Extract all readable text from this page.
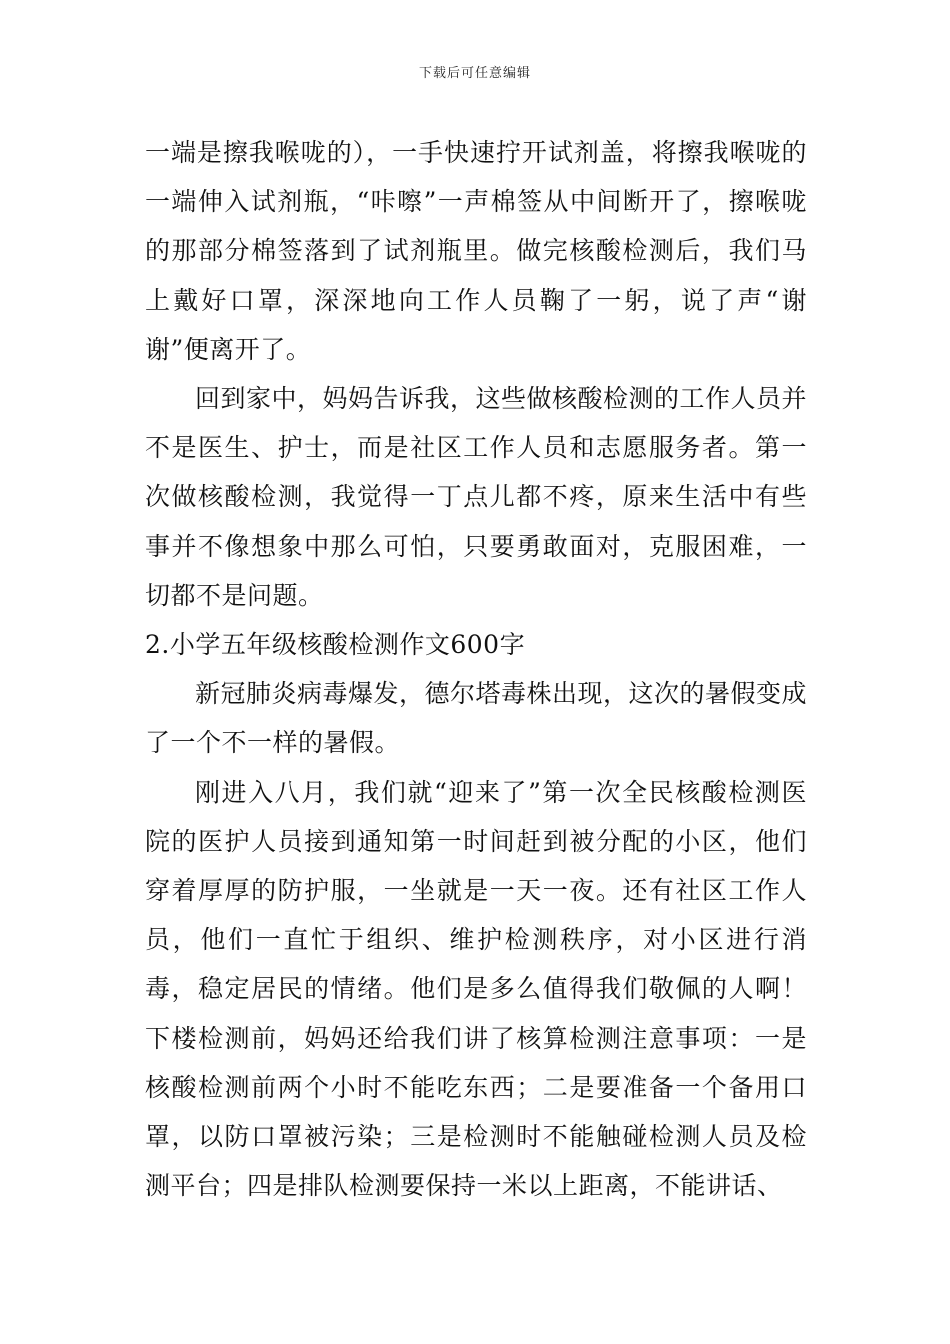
下载后可任意编辑

一端是擦我喉咙的），一手快速拧开试剂盖，将擦我喉咙的一端伸入试剂瓶，“咔嚓”一声棉签从中间断开了，擦喉咙的那部分棉签落到了试剂瓶里。做完核酸检测后，我们马上戴好口罩，深深地向工作人员鞠了一躬，说了声“谢谢”便离开了。

回到家中，妈妈告诉我，这些做核酸检测的工作人员并不是医生、护士，而是社区工作人员和志愿服务者。第一次做核酸检测，我觉得一丁点儿都不疼，原来生活中有些事并不像想象中那么可怕，只要勇敢面对，克服困难，一切都不是问题。

2.小学五年级核酸检测作文600字

新冠肺炎病毒爆发，德尔塔毒株出现，这次的暑假变成了一个不一样的暑假。

刚进入八月，我们就“迎来了”第一次全民核酸检测医院的医护人员接到通知第一时间赶到被分配的小区，他们穿着厚厚的防护服，一坐就是一天一夜。还有社区工作人员，他们一直忙于组织、维护检测秩序，对小区进行消毒，稳定居民的情绪。他们是多么值得我们敬佩的人啊！下楼检测前，妈妈还给我们讲了核算检测注意事项：一是核酸检测前两个小时不能吃东西；二是要准备一个备用口罩，以防口罩被污染；三是检测时不能触碰检测人员及检测平台；四是排队检测要保持一米以上距离，不能讲话、
